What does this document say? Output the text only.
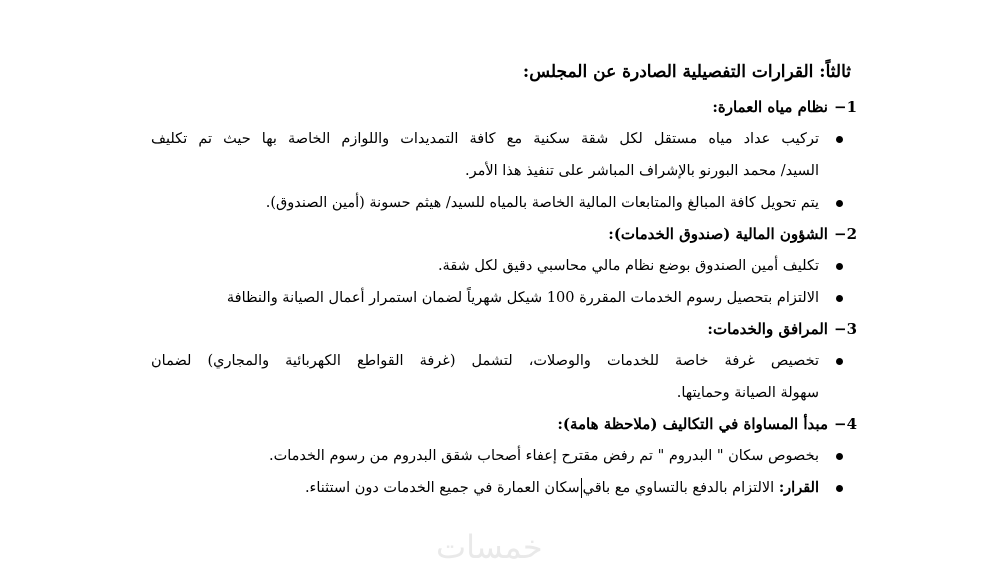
ثالثاً: القرارات التفصيلية الصادرة عن المجلس:
1−نظام مياه العمارة:
تركيب عداد مياه مستقل لكل شقة سكنية مع كافة التمديدات واللوازم الخاصة بها حيث تم تكليف
السيد/ محمد البورنو بالإشراف المباشر على تنفيذ هذا الأمر.
يتم تحويل كافة المبالغ والمتابعات المالية الخاصة بالمياه للسيد/ هيثم حسونة (أمين الصندوق).
2−الشؤون المالية (صندوق الخدمات):
تكليف أمين الصندوق بوضع نظام مالي محاسبي دقيق لكل شقة.
الالتزام بتحصيل رسوم الخدمات المقررة 100 شيكل شهرياً لضمان استمرار أعمال الصيانة والنظافة
3−المرافق والخدمات:
تخصيص غرفة خاصة للخدمات والوصلات، لتشمل (غرفة القواطع الكهربائية والمجاري) لضمان
سهولة الصيانة وحمايتها.
4−مبدأ المساواة في التكاليف (ملاحظة هامة):
بخصوص سكان " البدروم " تم رفض مقترح إعفاء أصحاب شقق البدروم من رسوم الخدمات.
القرار: الالتزام بالدفع بالتساوي مع باقيسكان العمارة في جميع الخدمات دون استثناء.
خمسات
